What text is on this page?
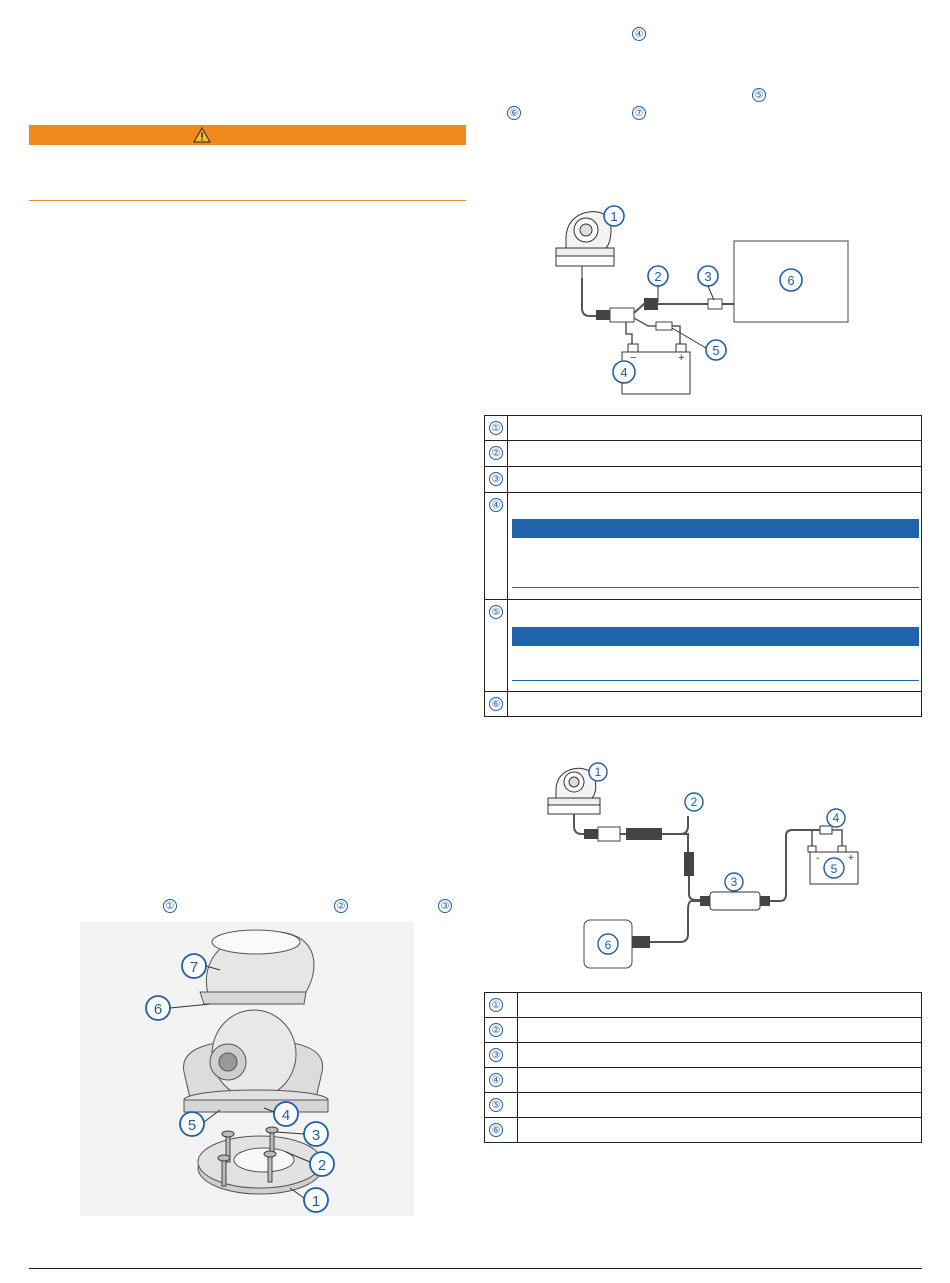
④
⑤
⑥	⑦
−	+
1
2	3	6
5
4
①	

②	

③	

④	

⑤	

⑥	

-	+
1
2
3
4
5
6
①	

②	

③	

④	

⑤	

⑥	

①	②	③
7
6
5
4
3
2
1
